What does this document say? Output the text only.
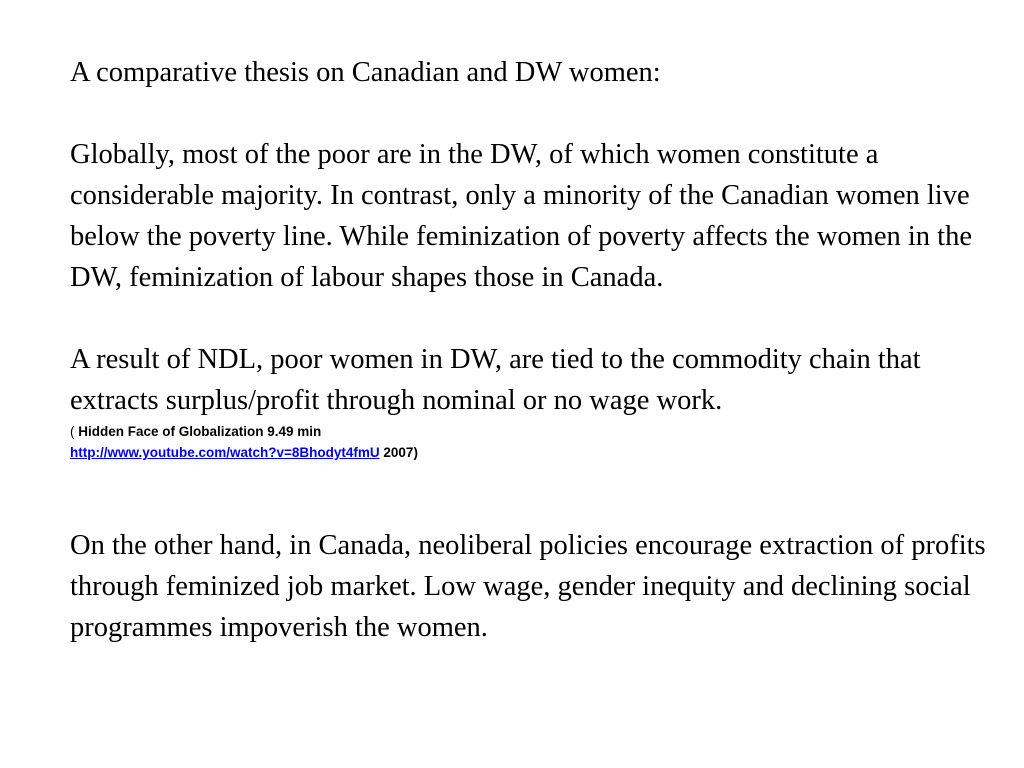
A comparative thesis on Canadian and DW women:

Globally, most of the poor are in the DW, of which women constitute a considerable majority. In contrast, only a minority of the Canadian women live below the poverty line. While feminization of poverty affects the women in the DW, feminization of labour shapes those in Canada.

A result of NDL, poor women in DW, are tied to the commodity chain that extracts surplus/profit through nominal or no wage work.

( Hidden Face of Globalization 9.49 min
http://www.youtube.com/watch?v=8Bhodyt4fmU 2007)

On the other hand, in Canada, neoliberal policies encourage extraction of profits through feminized job market. Low wage, gender inequity and declining social programmes impoverish the women.
